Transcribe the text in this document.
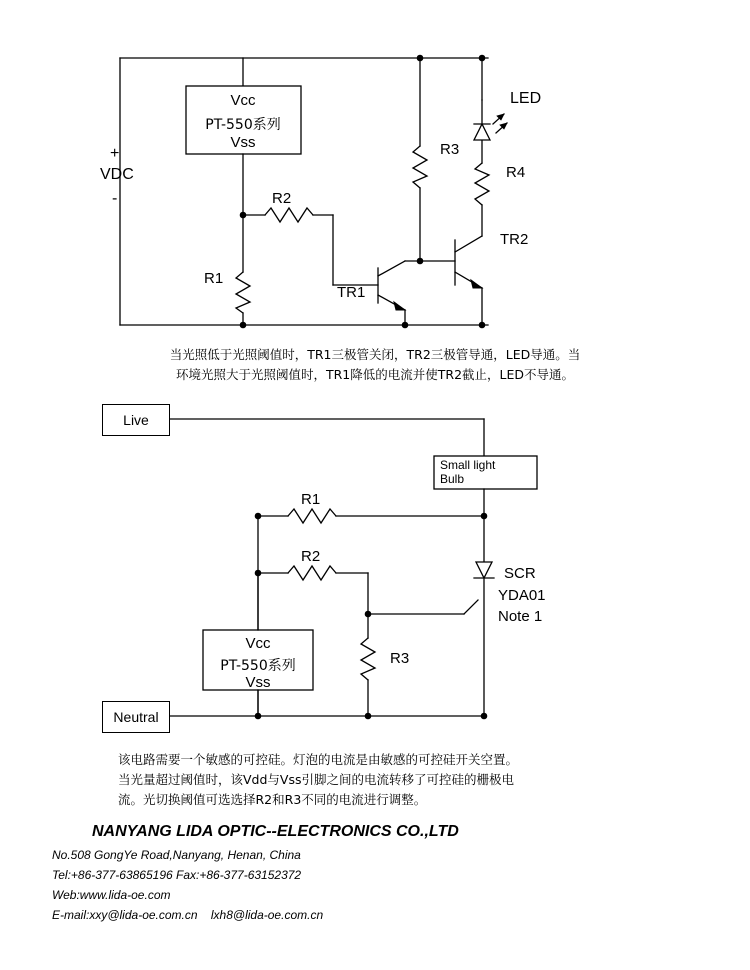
Vcc
PT-550系列
Vss
+
VDC
-
R1
R2
R3
R4
TR1
TR2
LED
当光照低于光照阈值时，TR1三极管关闭，TR2三极管导通，LED导通。当
环境光照大于光照阈值时，TR1降低的电流并使TR2截止，LED不导通。
Live
Neutral
Small light
Bulb
R1
R2
R3
SCR
YDA01
Note 1
Vcc
PT-550系列
Vss
该电路需要一个敏感的可控硅。灯泡的电流是由敏感的可控硅开关空置。
当光量超过阈值时，该Vdd与Vss引脚之间的电流转移了可控硅的栅极电
流。光切换阈值可选选择R2和R3不同的电流进行调整。
NANYANG LIDA OPTIC--ELECTRONICS CO.,LTD
No.508 GongYe Road,Nanyang, Henan, China
Tel:+86-377-63865196 Fax:+86-377-63152372
Web:www.lida-oe.com
E-mail:xxy@lida-oe.com.cn    lxh8@lida-oe.com.cn
